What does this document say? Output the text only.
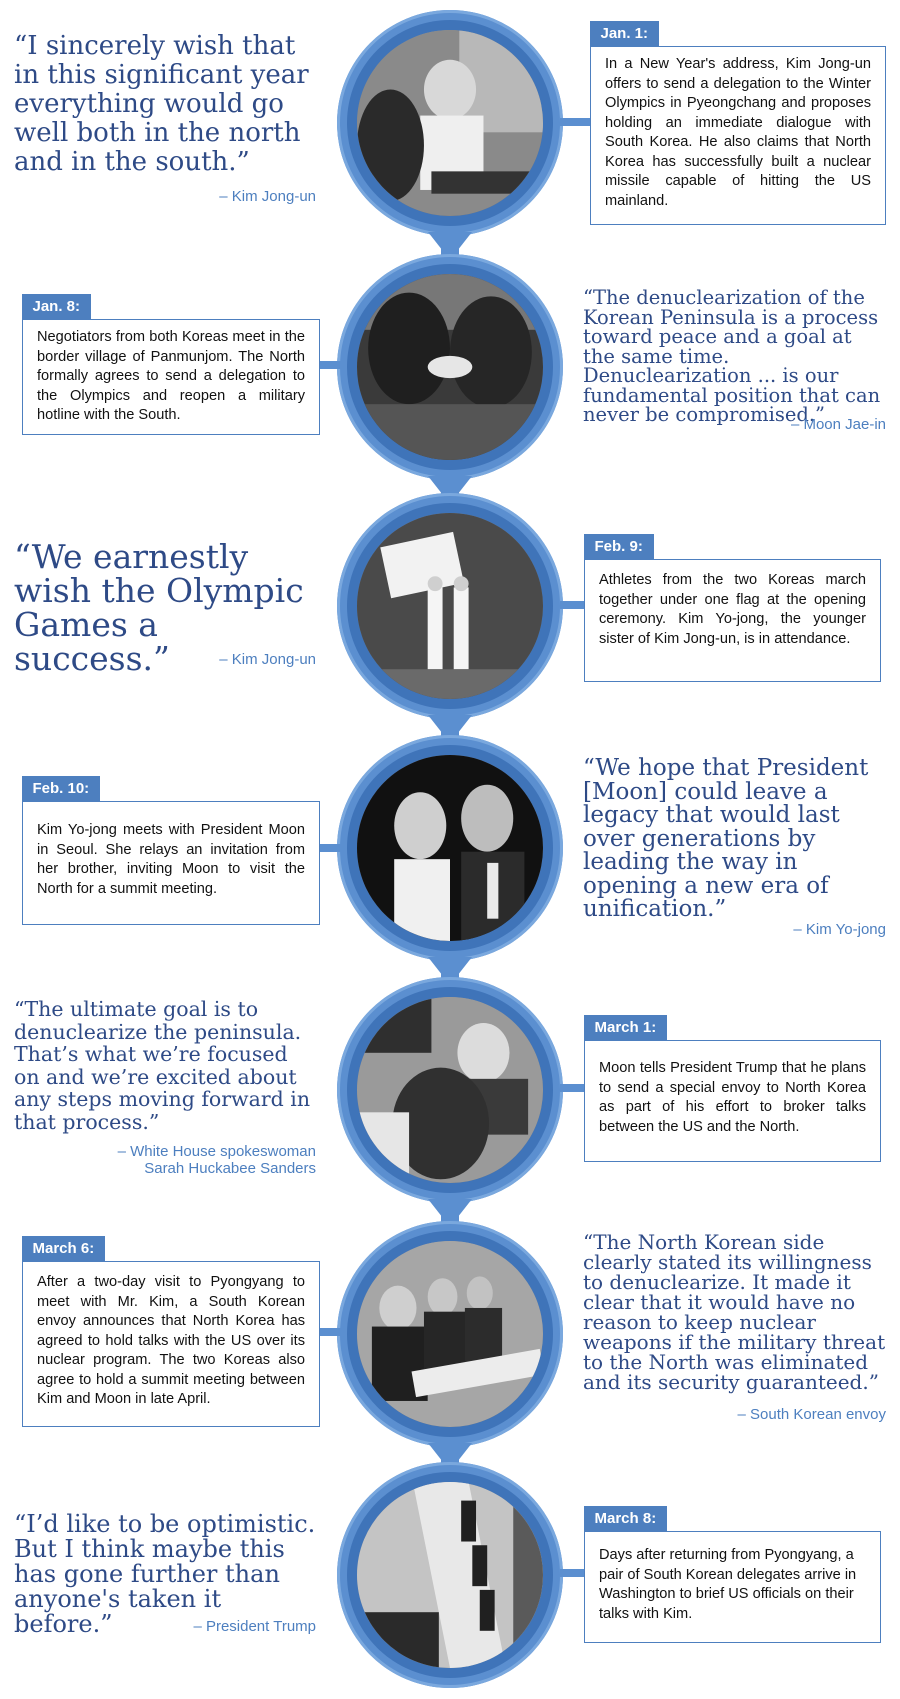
“I sincerely wish that in this significant year everything would go well both in the north and in the south.”
– Kim Jong-un
Jan. 1:
In a New Year's address, Kim Jong-un offers to send a delegation to the Winter Olympics in Pyeongchang and proposes holding an immediate dialogue with South Korea. He also claims that North Korea has successfully built a nuclear missile capable of hitting the US mainland.
Jan. 8:
Negotiators from both Koreas meet in the border village of Panmunjom. The North formally agrees to send a delegation to the Olympics and reopen a military hotline with the South.
“The denuclearization of the Korean Peninsula is a process toward peace and a goal at the same time. Denuclearization ... is our fundamental position that can never be compromised.”
– Moon Jae-in
“We earnestly wish the Olympic Games a success.”	– Kim Jong-un
Feb. 9:
Athletes from the two Koreas march together under one flag at the opening ceremony. Kim Yo-jong, the younger sister of Kim Jong-un, is in attendance.
Feb. 10:
Kim Yo-jong meets with President Moon in Seoul. She relays an invitation from her brother, inviting Moon to visit the North for a summit meeting.
“We hope that President [Moon] could leave a legacy that would last over generations by leading the way in opening a new era of unification.”
– Kim Yo-jong
“The ultimate goal is to denuclearize the peninsula. That’s what we’re focused on and we’re excited about any steps moving forward in that process.”
– White House spokeswoman Sarah Huckabee Sanders
March 1:
Moon tells President Trump that he plans to send a special envoy to North Korea as part of his effort to broker talks between the US and the North.
March 6:
After a two-day visit to Pyongyang to meet with Mr. Kim, a South Korean envoy announces that North Korea has agreed to hold talks with the US over its nuclear program. The two Koreas also agree to hold a summit meeting between Kim and Moon in late April.
“The North Korean side clearly stated its willingness to denuclearize. It made it clear that it would have no reason to keep nuclear weapons if the military threat to the North was eliminated and its security guaranteed.”
– South Korean envoy
“I’d like to be optimistic. But I think maybe this has gone further than anyone's taken it before.”	– President Trump
March 8:
Days after returning from Pyongyang, a pair of South Korean delegates arrive in Washington to brief US officials on their talks with Kim.
